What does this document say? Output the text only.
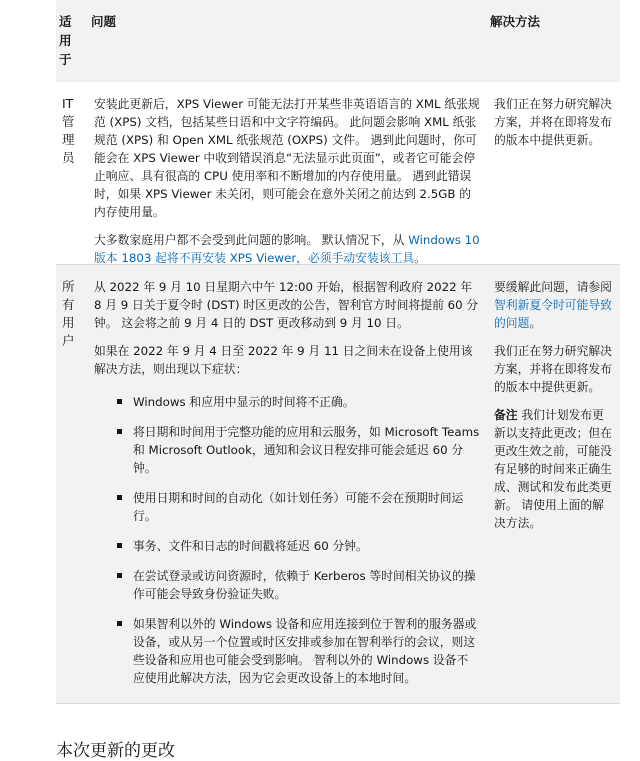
适用于
问题	解决方法
IT管理员

安装此更新后，XPS Viewer 可能无法打开某些非英语语言的 XML 纸张规范 (XPS) 文档，包括某些日语和中文字符编码。 此问题会影响 XML 纸张规范 (XPS) 和 Open XML 纸张规范 (OXPS) 文件。 遇到此问题时，你可能会在 XPS Viewer 中收到错误消息“无法显示此页面”，或者它可能会停止响应、具有很高的 CPU 使用率和不断增加的内存使用量。 遇到此错误时，如果 XPS Viewer 未关闭，则可能会在意外关闭之前达到 2.5GB 的内存使用量。

大多数家庭用户都不会受到此问题的影响。 默认情况下，从 Windows 10 版本 1803 起将不再安装 XPS Viewer，必须手动安装该工具。

我们正在努力研究解决方案，并将在即将发布的版本中提供更新。
所有用户

从 2022 年 9 月 10 日星期六中午 12:00 开始，根据智利政府 2022 年 8 月 9 日关于夏令时 (DST) 时区更改的公告，智利官方时间将提前 60 分钟。 这会将之前 9 月 4 日的 DST 更改移动到 9 月 10 日。

如果在 2022 年 9 月 4 日至 2022 年 9 月 11 日之间未在设备上使用该解决方法，则出现以下症状：

Windows 和应用中显示的时间将不正确。
将日期和时间用于完整功能的应用和云服务，如 Microsoft Teams 和 Microsoft Outlook，通知和会议日程安排可能会延迟 60 分钟。
使用日期和时间的自动化（如计划任务）可能不会在预期时间运行。
事务、文件和日志的时间戳将延迟 60 分钟。
在尝试登录或访问资源时，依赖于 Kerberos 等时间相关协议的操作可能会导致身份验证失败。
如果智利以外的 Windows 设备和应用连接到位于智利的服务器或设备，或从另一个位置或时区安排或参加在智利举行的会议，则这些设备和应用也可能会受到影响。 智利以外的 Windows 设备不应使用此解决方法，因为它会更改设备上的本地时间。

要缓解此问题，请参阅智利新夏令时可能导致的问题。

我们正在努力研究解决方案，并将在即将发布的版本中提供更新。

备注 我们计划发布更新以支持此更改；但在更改生效之前，可能没有足够的时间来正确生成、测试和发布此类更新。 请使用上面的解决方法。

本次更新的更改
